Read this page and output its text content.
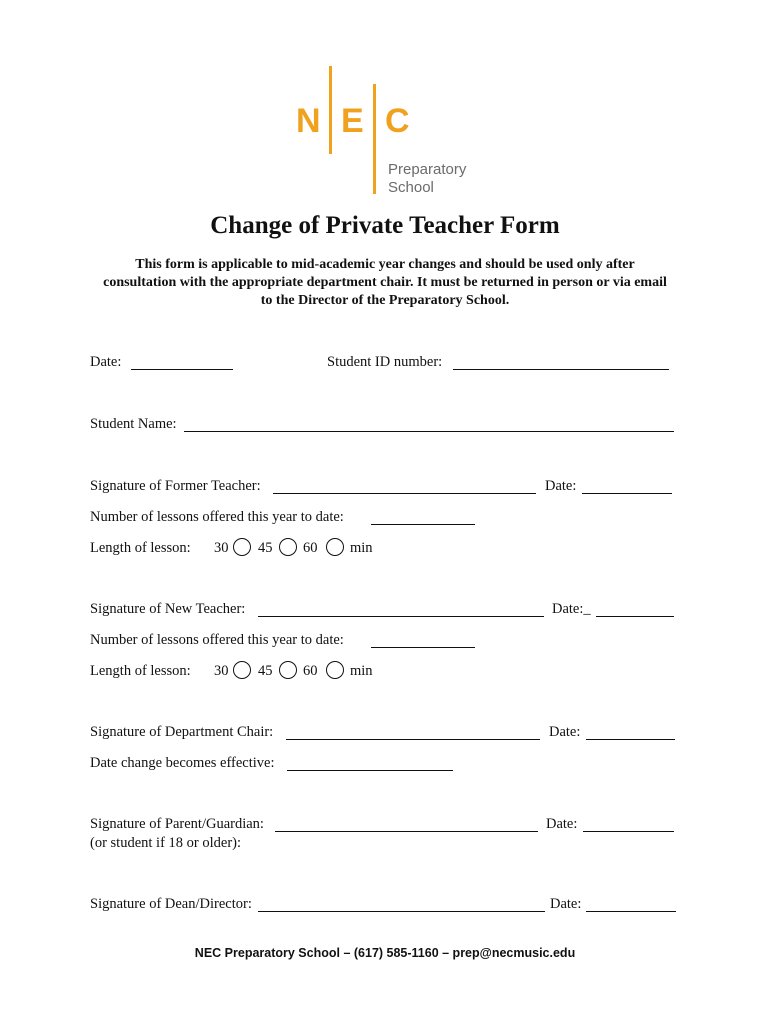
N E C
Preparatory
School
Change of Private Teacher Form
This form is applicable to mid-academic year changes and should be used only after consultation with the appropriate department chair. It must be returned in person or via email to the Director of the Preparatory School.
Date:	Student ID number:
Student Name:
Signature of Former Teacher:	Date:
Number of lessons offered this year to date:
Length of lesson: 30 45 60 min
Signature of New Teacher:	Date:_
Number of lessons offered this year to date:
Length of lesson: 30 45 60 min
Signature of Department Chair:	Date:
Date change becomes effective:
Signature of Parent/Guardian:	Date:
(or student if 18 or older):
Signature of Dean/Director:	Date:
NEC Preparatory School – (617) 585-1160 – prep@necmusic.edu
